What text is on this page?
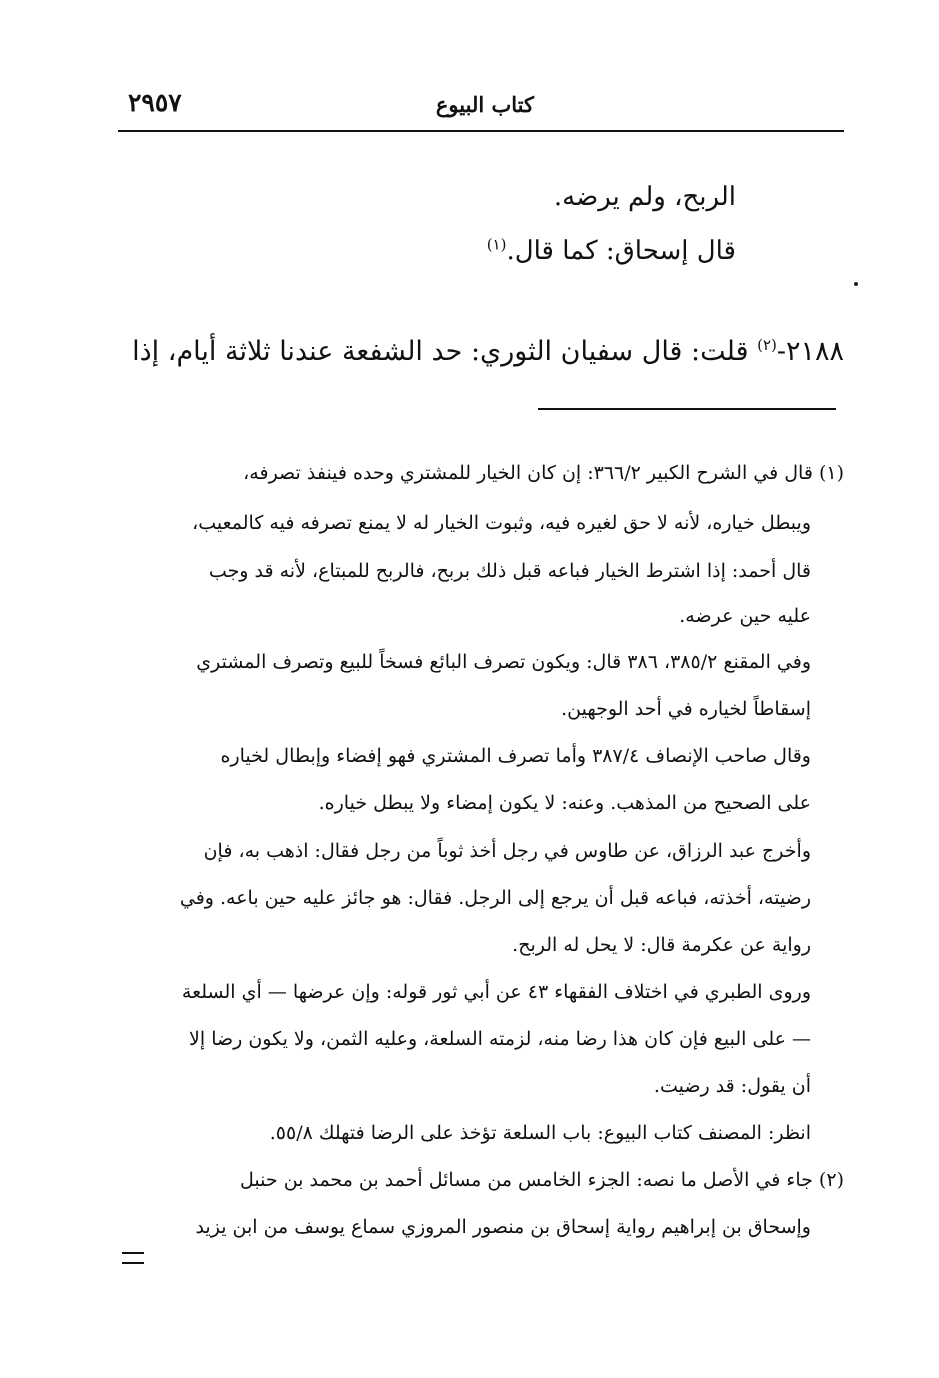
كتاب البيوع
٢٩٥٧
الربح، ولم يرضه.
قال إسحاق: كما قال.$^{(١)}$
٢١٨٨-$^{(٢)}$ قلت: قال سفيان الثوري: حد الشفعة عندنا ثلاثة أيام، إذا
(١) قال في الشرح الكبير ٣٦٦/٢: إن كان الخيار للمشتري وحده فينفذ تصرفه،
ويبطل خياره، لأنه لا حق لغيره فيه، وثبوت الخيار له لا يمنع تصرفه فيه كالمعيب،
قال أحمد: إذا اشترط الخيار فباعه قبل ذلك بربح، فالربح للمبتاع، لأنه قد وجب
عليه حين عرضه.
وفي المقنع ٣٨٥/٢، ٣٨٦ قال: ويكون تصرف البائع فسخاً للبيع وتصرف المشتري
إسقاطاً لخياره في أحد الوجهين.
وقال صاحب الإنصاف ٣٨٧/٤ وأما تصرف المشتري فهو إفضاء وإبطال لخياره
على الصحيح من المذهب. وعنه: لا يكون إمضاء ولا يبطل خياره.
وأخرج عبد الرزاق، عن طاوس في رجل أخذ ثوباً من رجل فقال: اذهب به، فإن
رضيته، أخذته، فباعه قبل أن يرجع إلى الرجل. فقال: هو جائز عليه حين باعه. وفي
رواية عن عكرمة قال: لا يحل له الربح.
وروى الطبري في اختلاف الفقهاء ٤٣ عن أبي ثور قوله: وإن عرضها — أي السلعة
— على البيع فإن كان هذا رضا منه، لزمته السلعة، وعليه الثمن، ولا يكون رضا إلا
أن يقول: قد رضيت.
انظر: المصنف كتاب البيوع: باب السلعة تؤخذ على الرضا فتهلك ٥٥/٨.
(٢) جاء في الأصل ما نصه: الجزء الخامس من مسائل أحمد بن محمد بن حنبل
وإسحاق بن إبراهيم رواية إسحاق بن منصور المروزي سماع يوسف من ابن يزيد
